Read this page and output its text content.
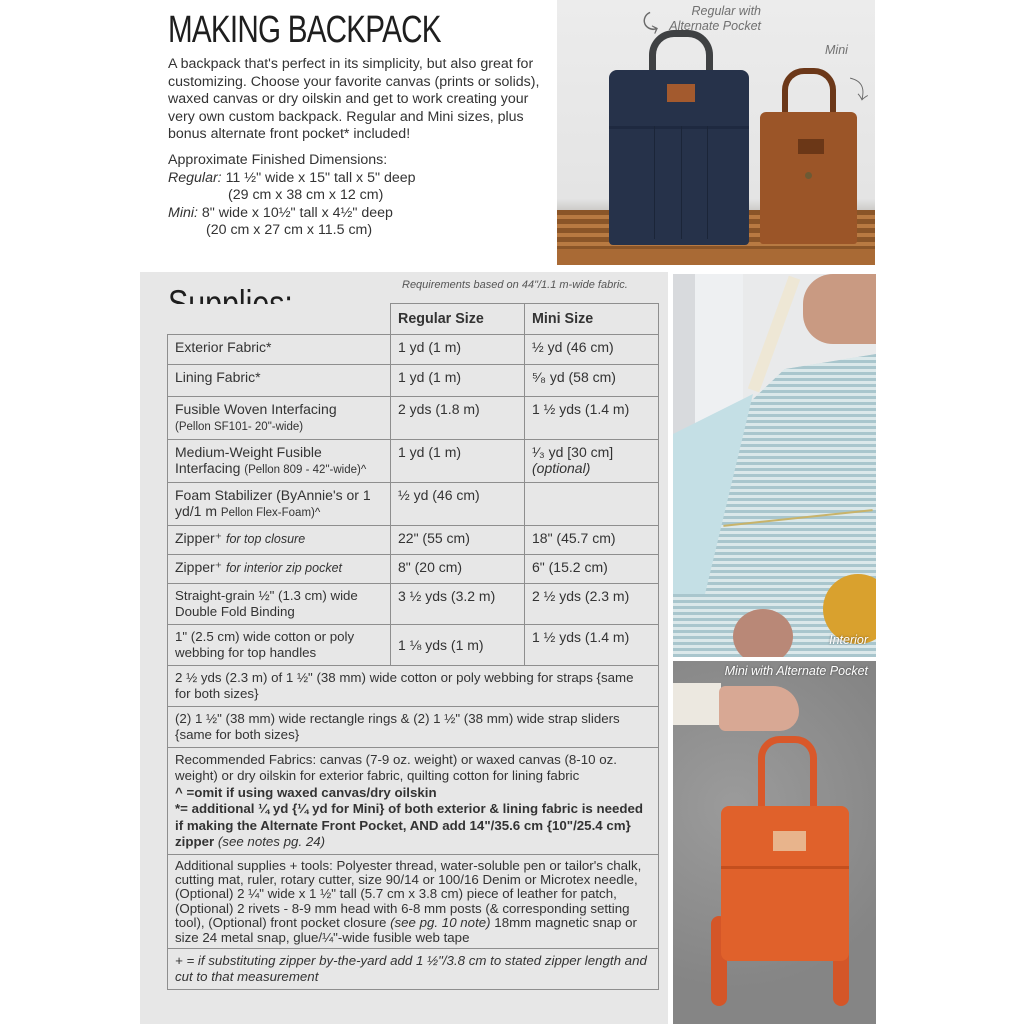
MAKING BACKPACK

A backpack that's perfect in its simplicity, but also great for customizing. Choose your favorite canvas (prints or solids), waxed canvas or dry oilskin and get to work creating your very own custom backpack. Regular and Mini sizes, plus bonus alternate front pocket* included!

Approximate Finished Dimensions:
Regular: 11 ½" wide x 15" tall x 5" deep
(29 cm x 38 cm x 12 cm)
Mini: 8" wide x 10½" tall x 4½" deep
(20 cm x 27 cm x 11.5 cm)
Regular with Alternate Pocket
⤹
Mini
⤵
Interior
Mini with Alternate Pocket
Requirements based on 44"/1.1 m-wide fabric.
	Regular Size	Mini Size
Exterior Fabric*	1 yd (1 m)	½ yd (46 cm)
Lining Fabric*	1 yd (1 m)	⁵⁄₈ yd (58 cm)
Fusible Woven Interfacing
(Pellon SF101- 20"-wide)	2 yds (1.8 m)	1 ½ yds (1.4 m)
Medium-Weight Fusible Interfacing (Pellon 809 - 42"-wide)^	1 yd (1 m)	¹⁄₃ yd [30 cm]
(optional)
Foam Stabilizer (ByAnnie's or 1 yd/1 m Pellon Flex-Foam)^	½ yd (46 cm)	
Zipper⁺ for top closure	22" (55 cm)	18" (45.7 cm)
Zipper⁺ for interior zip pocket	8" (20 cm)	6" (15.2 cm)
Straight-grain ½" (1.3 cm) wide Double Fold Binding	3 ½ yds (3.2 m)	2 ½ yds (2.3 m)
1" (2.5 cm) wide cotton or poly webbing for top handles	1 ⅛ yds (1 m)	1 ½ yds (1.4 m)
2 ½ yds (2.3 m) of 1 ½" (38 mm) wide cotton or poly webbing for straps {same for both sizes}		
(2) 1 ½" (38 mm) wide rectangle rings & (2) 1 ½" (38 mm) wide strap sliders {same for both sizes}		
Recommended Fabrics: canvas (7-9 oz. weight) or waxed canvas (8-10 oz. weight) or dry oilskin for exterior fabric, quilting cotton for lining fabric
^ =omit if using waxed canvas/dry oilskin
*= additional ¼ yd {¼ yd for Mini} of both exterior & lining fabric is needed if making the Alternate Front Pocket, AND add 14"/35.6 cm {10"/25.4 cm} zipper (see notes pg. 24)		
Additional supplies + tools: Polyester thread, water-soluble pen or tailor's chalk, cutting mat, ruler, rotary cutter, size 90/14 or 100/16 Denim or Microtex needle, (Optional) 2 ¼" wide x 1 ½" tall (5.7 cm x 3.8 cm) piece of leather for patch, (Optional) 2 rivets - 8-9 mm head with 6-8 mm posts (& corresponding setting tool), (Optional) front pocket closure (see pg. 10 note) 18mm magnetic snap or size 24 metal snap, glue/¼"-wide fusible web tape		
+ = if substituting zipper by-the-yard add 1 ½"/3.8 cm to stated zipper length and cut to that measurement		
